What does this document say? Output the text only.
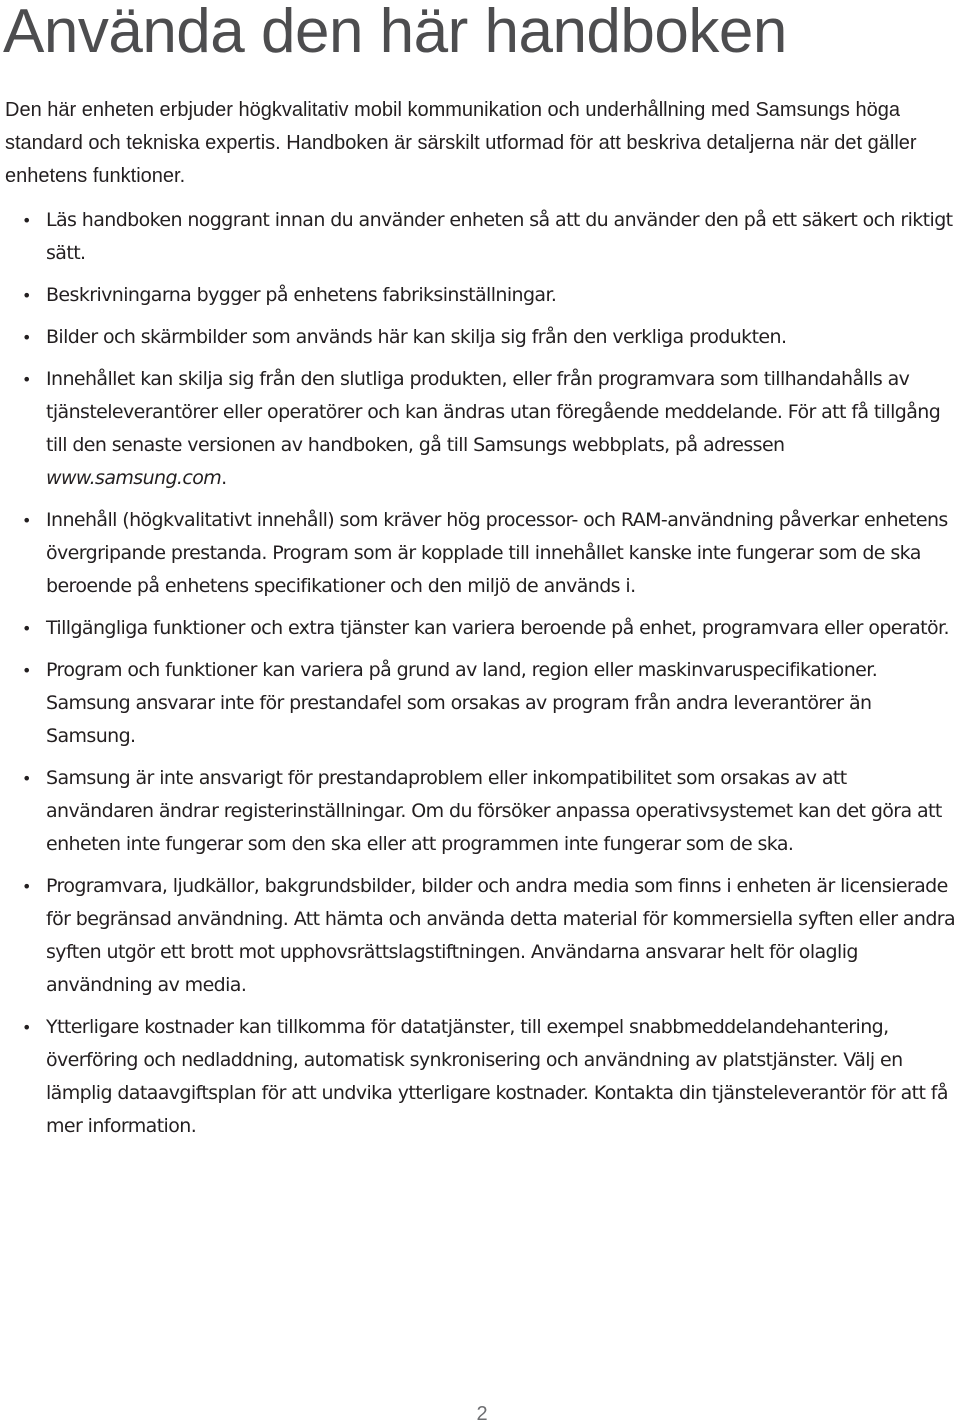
Använda den här handboken

Den här enheten erbjuder högkvalitativ mobil kommunikation och underhållning med Samsungs höga standard och tekniska expertis. Handboken är särskilt utformad för att beskriva detaljerna när det gäller enhetens funktioner.

• Läs handboken noggrant innan du använder enheten så att du använder den på ett säkert och riktigt sätt.
• Beskrivningarna bygger på enhetens fabriksinställningar.
• Bilder och skärmbilder som används här kan skilja sig från den verkliga produkten.
• Innehållet kan skilja sig från den slutliga produkten, eller från programvara som tillhandahålls av tjänsteleverantörer eller operatörer och kan ändras utan föregående meddelande. För att få tillgång till den senaste versionen av handboken, gå till Samsungs webbplats, på adressen www.samsung.com.
• Innehåll (högkvalitativt innehåll) som kräver hög processor- och RAM-användning påverkar enhetens övergripande prestanda. Program som är kopplade till innehållet kanske inte fungerar som de ska beroende på enhetens specifikationer och den miljö de används i.
• Tillgängliga funktioner och extra tjänster kan variera beroende på enhet, programvara eller operatör.
• Program och funktioner kan variera på grund av land, region eller maskinvaruspecifikationer. Samsung ansvarar inte för prestandafel som orsakas av program från andra leverantörer än Samsung.
• Samsung är inte ansvarigt för prestandaproblem eller inkompatibilitet som orsakas av att användaren ändrar registerinställningar. Om du försöker anpassa operativsystemet kan det göra att enheten inte fungerar som den ska eller att programmen inte fungerar som de ska.
• Programvara, ljudkällor, bakgrundsbilder, bilder och andra media som finns i enheten är licensierade för begränsad användning. Att hämta och använda detta material för kommersiella syften eller andra syften utgör ett brott mot upphovsrättslagstiftningen. Användarna ansvarar helt för olaglig användning av media.
• Ytterligare kostnader kan tillkomma för datatjänster, till exempel snabbmeddelandehantering, överföring och nedladdning, automatisk synkronisering och användning av platstjänster. Välj en lämplig dataavgiftsplan för att undvika ytterligare kostnader. Kontakta din tjänsteleverantör för att få mer information.
2
